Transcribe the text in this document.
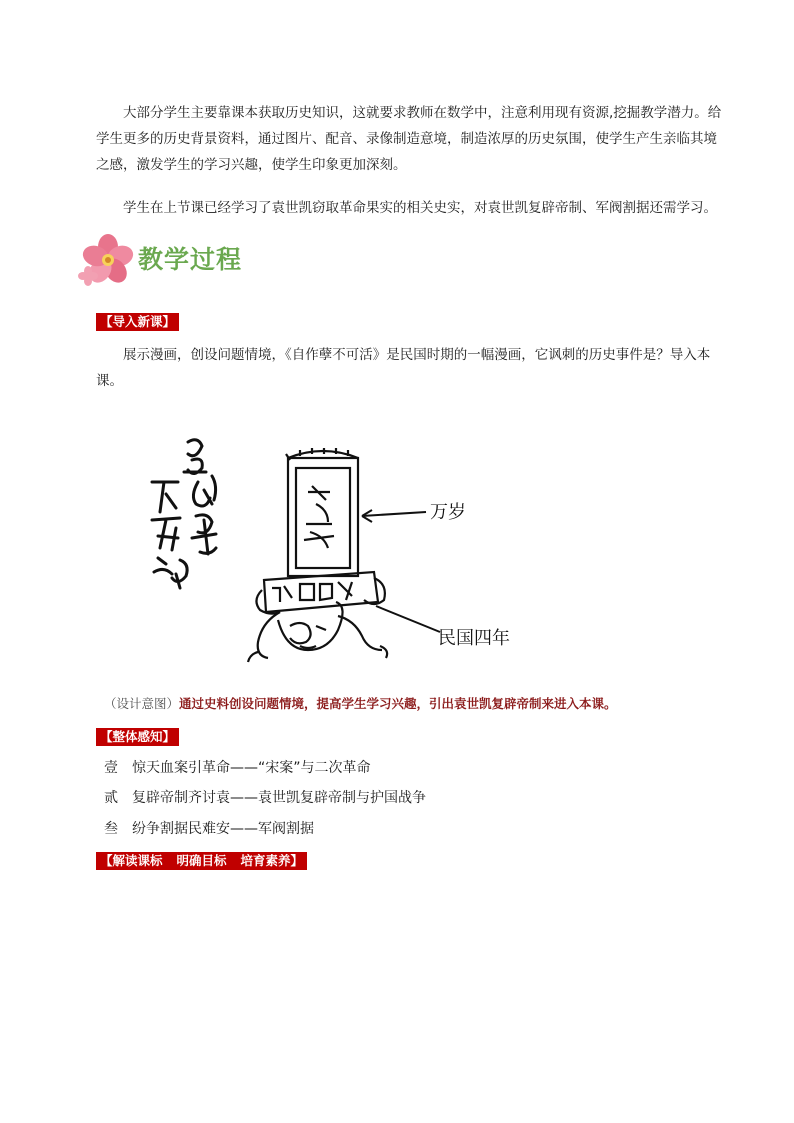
大部分学生主要靠课本获取历史知识，这就要求教师在数学中，注意利用现有资源,挖掘教学潜力。给学生更多的历史背景资料，通过图片、配音、录像制造意境，制造浓厚的历史氛围，使学生产生亲临其境之感，激发学生的学习兴趣，使学生印象更加深刻。

学生在上节课已经学习了袁世凯窃取革命果实的相关史实，对袁世凯复辟帝制、军阀割据还需学习。

教学过程
【导入新课】

展示漫画，创设问题情境，《自作孽不可活》是民国时期的一幅漫画，它讽刺的历史事件是？导入本课。

万岁
民国四年
（设计意图）通过史料创设问题情境，提高学生学习兴趣，引出袁世凯复辟帝制来进入本课。
【整体感知】
壹 惊天血案引革命——“宋案”与二次革命
贰 复辟帝制齐讨袁——袁世凯复辟帝制与护国战争
叁 纷争割据民难安——军阀割据
【解读课标 明确目标 培育素养】
